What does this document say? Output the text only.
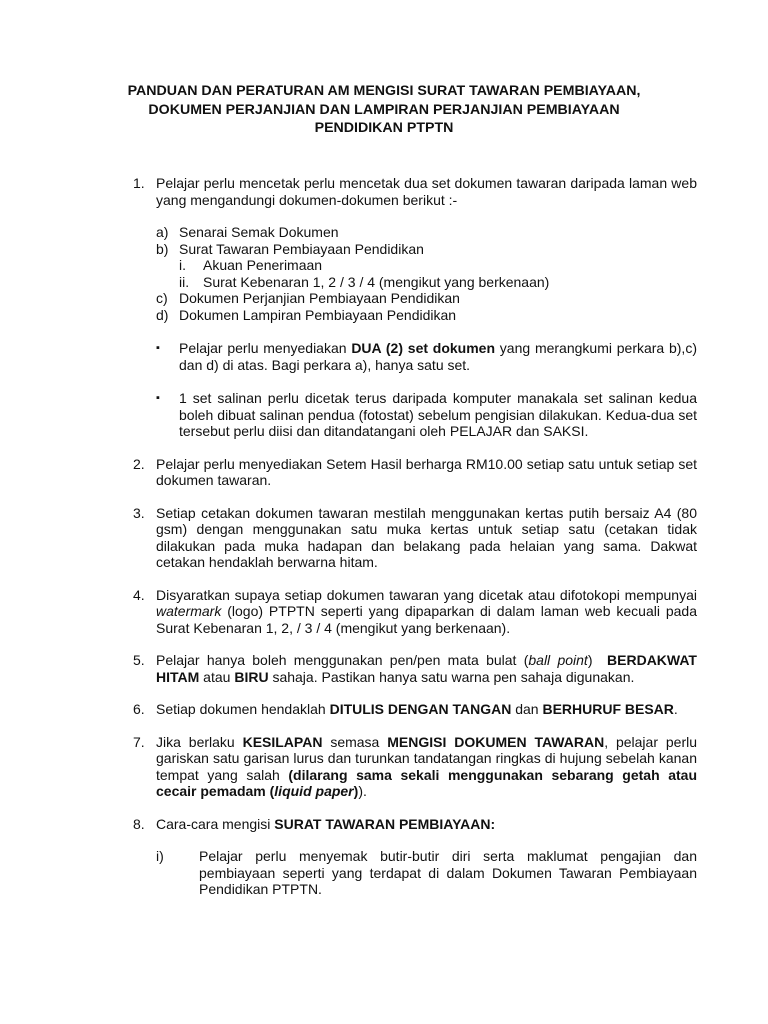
PANDUAN DAN PERATURAN AM MENGISI SURAT TAWARAN PEMBIAYAAN,
DOKUMEN PERJANJIAN DAN LAMPIRAN PERJANJIAN PEMBIAYAAN
PENDIDIKAN PTPTN
1. Pelajar perlu mencetak perlu mencetak dua set dokumen tawaran daripada laman web yang mengandungi dokumen-dokumen berikut :-
a) Senarai Semak Dokumen
b) Surat Tawaran Pembiayaan Pendidikan
i. Akuan Penerimaan
ii. Surat Kebenaran 1, 2 / 3 / 4 (mengikut yang berkenaan)
c) Dokumen Perjanjian Pembiayaan Pendidikan
d) Dokumen Lampiran Pembiayaan Pendidikan
▪ Pelajar perlu menyediakan DUA (2) set dokumen yang merangkumi perkara b),c) dan d) di atas. Bagi perkara a), hanya satu set.
▪ 1 set salinan perlu dicetak terus daripada komputer manakala set salinan kedua boleh dibuat salinan pendua (fotostat) sebelum pengisian dilakukan. Kedua-dua set tersebut perlu diisi dan ditandatangani oleh PELAJAR dan SAKSI.
2. Pelajar perlu menyediakan Setem Hasil berharga RM10.00 setiap satu untuk setiap set dokumen tawaran.
3. Setiap cetakan dokumen tawaran mestilah menggunakan kertas putih bersaiz A4 (80 gsm) dengan menggunakan satu muka kertas untuk setiap satu (cetakan tidak dilakukan pada muka hadapan dan belakang pada helaian yang sama. Dakwat cetakan hendaklah berwarna hitam.
4. Disyaratkan supaya setiap dokumen tawaran yang dicetak atau difotokopi mempunyai watermark (logo) PTPTN seperti yang dipaparkan di dalam laman web kecuali pada Surat Kebenaran 1, 2, / 3 / 4 (mengikut yang berkenaan).
5. Pelajar hanya boleh menggunakan pen/pen mata bulat (ball point)  BERDAKWAT HITAM atau BIRU sahaja. Pastikan hanya satu warna pen sahaja digunakan.
6. Setiap dokumen hendaklah DITULIS DENGAN TANGAN dan BERHURUF BESAR.
7. Jika berlaku KESILAPAN semasa MENGISI DOKUMEN TAWARAN, pelajar perlu gariskan satu garisan lurus dan turunkan tandatangan ringkas di hujung sebelah kanan tempat yang salah (dilarang sama sekali menggunakan sebarang getah atau cecair pemadam (liquid paper)).
8. Cara-cara mengisi SURAT TAWARAN PEMBIAYAAN:
i)	Pelajar perlu menyemak butir-butir diri serta maklumat pengajian dan pembiayaan seperti yang terdapat di dalam Dokumen Tawaran Pembiayaan Pendidikan PTPTN.
